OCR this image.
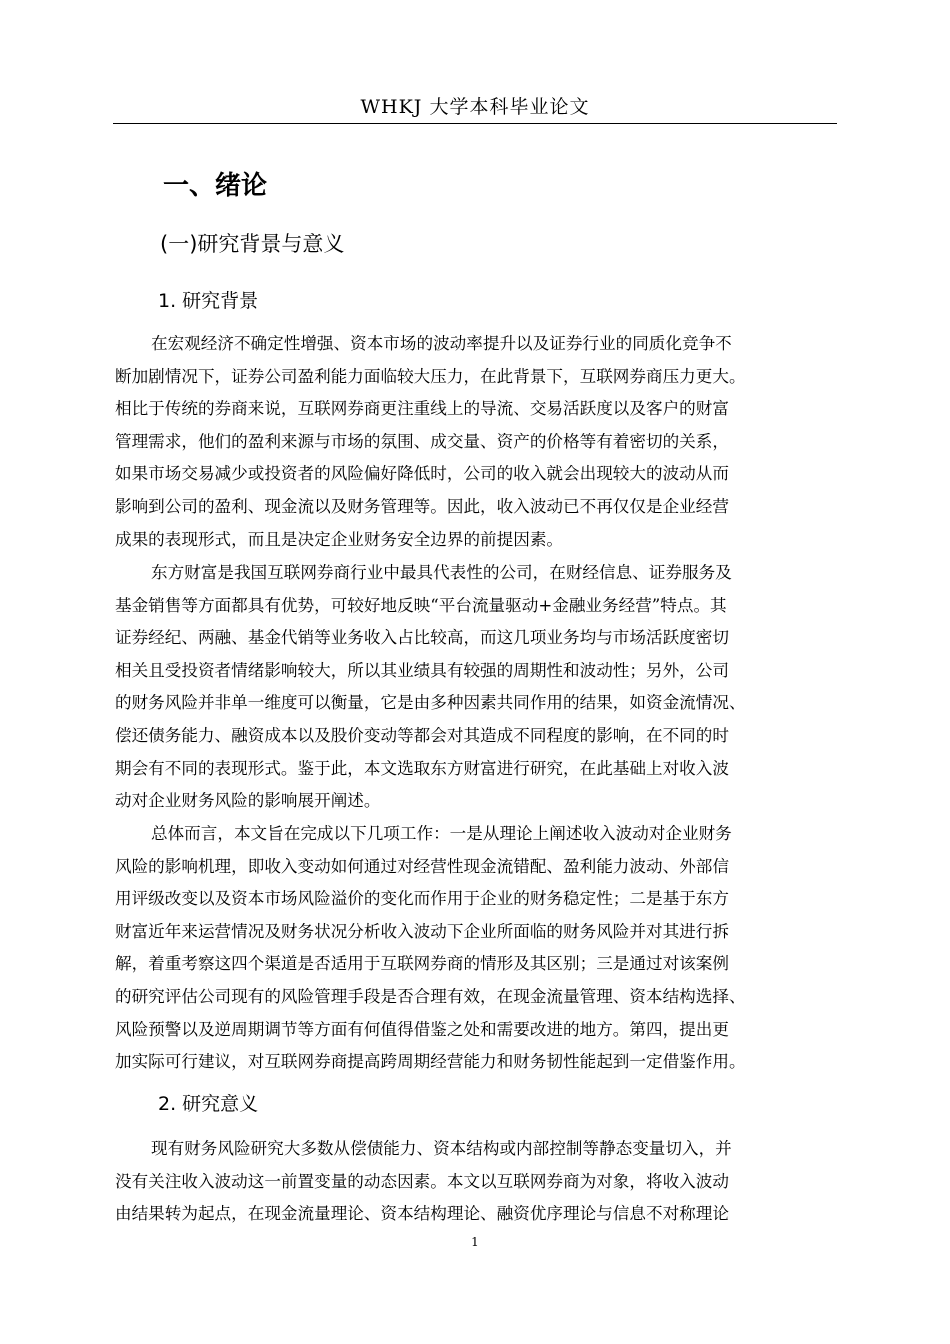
WHKJ 大学本科毕业论文
一、绪论
(一)研究背景与意义
1. 研究背景
在宏观经济不确定性增强、资本市场的波动率提升以及证券行业的同质化竞争不
断加剧情况下，证券公司盈利能力面临较大压力，在此背景下，互联网券商压力更大。
相比于传统的券商来说，互联网券商更注重线上的导流、交易活跃度以及客户的财富
管理需求，他们的盈利来源与市场的氛围、成交量、资产的价格等有着密切的关系，
如果市场交易减少或投资者的风险偏好降低时，公司的收入就会出现较大的波动从而
影响到公司的盈利、现金流以及财务管理等。因此，收入波动已不再仅仅是企业经营
成果的表现形式，而且是决定企业财务安全边界的前提因素。
东方财富是我国互联网券商行业中最具代表性的公司，在财经信息、证券服务及
基金销售等方面都具有优势，可较好地反映“平台流量驱动+金融业务经营”特点。其
证券经纪、两融、基金代销等业务收入占比较高，而这几项业务均与市场活跃度密切
相关且受投资者情绪影响较大，所以其业绩具有较强的周期性和波动性；另外，公司
的财务风险并非单一维度可以衡量，它是由多种因素共同作用的结果，如资金流情况、
偿还债务能力、融资成本以及股价变动等都会对其造成不同程度的影响，在不同的时
期会有不同的表现形式。鉴于此，本文选取东方财富进行研究，在此基础上对收入波
动对企业财务风险的影响展开阐述。
总体而言，本文旨在完成以下几项工作：一是从理论上阐述收入波动对企业财务
风险的影响机理，即收入变动如何通过对经营性现金流错配、盈利能力波动、外部信
用评级改变以及资本市场风险溢价的变化而作用于企业的财务稳定性；二是基于东方
财富近年来运营情况及财务状况分析收入波动下企业所面临的财务风险并对其进行拆
解，着重考察这四个渠道是否适用于互联网券商的情形及其区别；三是通过对该案例
的研究评估公司现有的风险管理手段是否合理有效，在现金流量管理、资本结构选择、
风险预警以及逆周期调节等方面有何值得借鉴之处和需要改进的地方。第四，提出更
加实际可行建议，对互联网券商提高跨周期经营能力和财务韧性能起到一定借鉴作用。
2. 研究意义
现有财务风险研究大多数从偿债能力、资本结构或内部控制等静态变量切入，并
没有关注收入波动这一前置变量的动态因素。本文以互联网券商为对象，将收入波动
由结果转为起点，在现金流量理论、资本结构理论、融资优序理论与信息不对称理论
1
